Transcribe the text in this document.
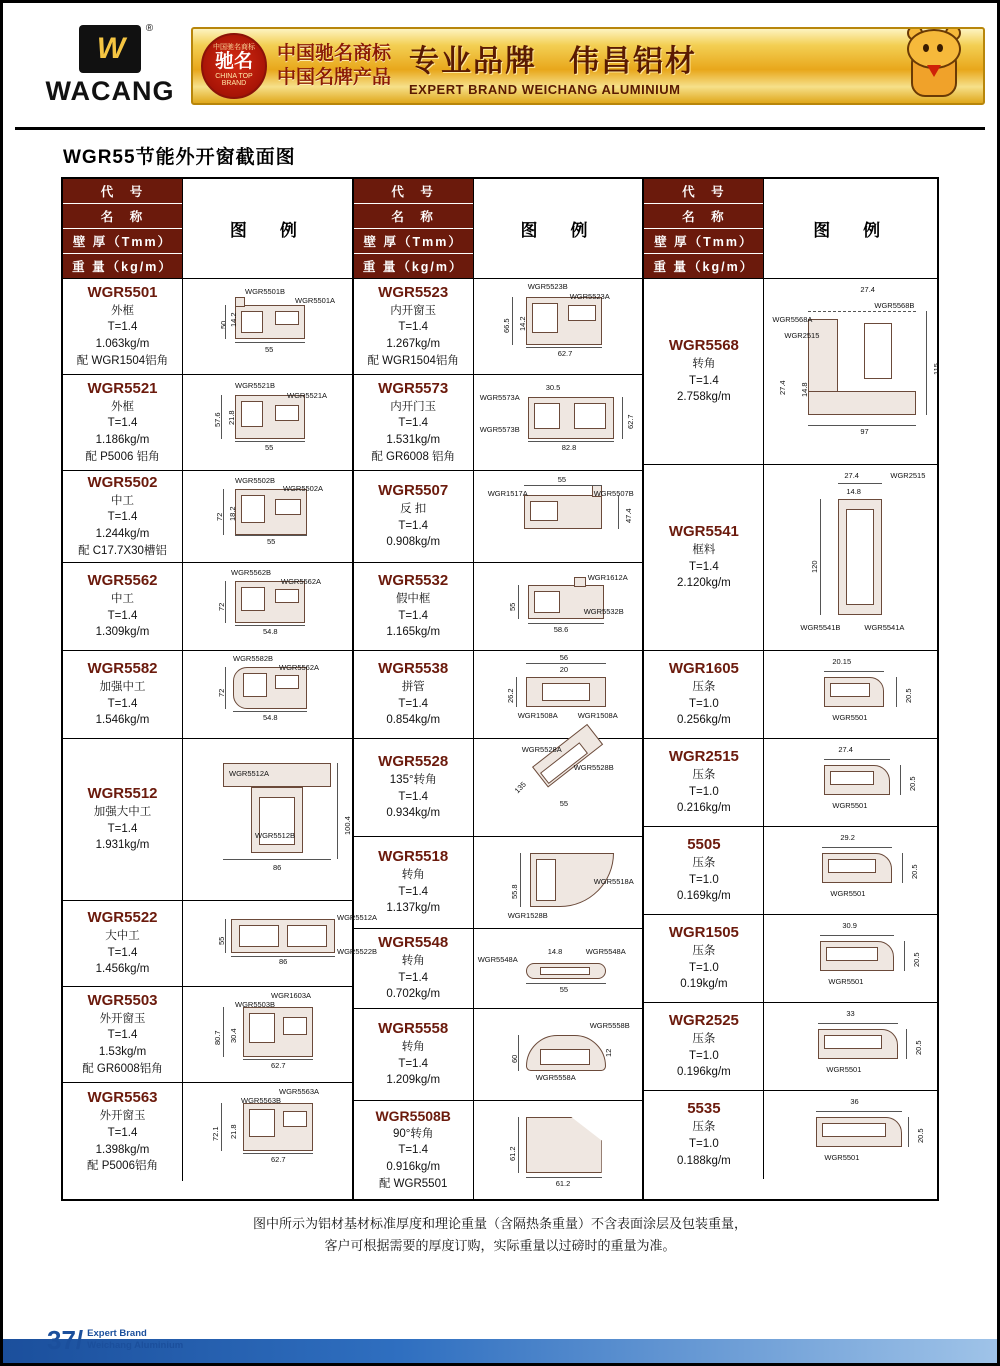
W
®
WACANG
中国驰名商标
驰名
CHINA TOP BRAND
中国驰名商标
中国名牌产品 专业品牌　伟昌铝材
EXPERT BRAND WEICHANG ALUMINIUM
WGR55节能外开窗截面图
代　号
名　称
壁 厚（Tmm）
重 量（kg/m）
图　例
WGR5501
外框
T=1.4
1.063kg/m
配 WGR1504铝角
WGR5501B
WGR5501A
50 14.2
55
WGR5521
外框
T=1.4
1.186kg/m
配 P5006 铝角
WGR5521B
WGR5521A
57.6 21.8
55
WGR5502
中工
T=1.4
1.244kg/m
配 C17.7X30槽铝
WGR5502B
WGR5502A
72 18.2
55
WGR5562
中工
T=1.4
1.309kg/m
WGR5562B
WGR5562A
72
54.8
WGR5582
加强中工
T=1.4
1.546kg/m
WGR5582B
WGR5562A
72
54.8
WGR5512
加强大中工
T=1.4
1.931kg/m
WGR5512A
WGR5512B
100.4
86
WGR5522
大中工
T=1.4
1.456kg/m
WGR5512A
WGR5522B
55
86
WGR5503
外开窗玉
T=1.4
1.53kg/m
配 GR6008铝角
WGR1603A
WGR5503B
80.7 30.4
62.7
WGR5563
外开窗玉
T=1.4
1.398kg/m
配 P5006铝角
WGR5563A
WGR5563B
72.1 21.8
62.7
代　号
名　称
壁 厚（Tmm）
重 量（kg/m）
图　例
WGR5523
内开窗玉
T=1.4
1.267kg/m
配 WGR1504铝角
WGR5523B
WGR5523A
66.5 14.2
62.7
WGR5573
内开门玉
T=1.4
1.531kg/m
配 GR6008 铝角
WGR5573A
WGR5573B
30.5
62.7
82.8
WGR5507
反 扣
T=1.4
0.908kg/m
55
WGR1517A	WGR5507B
47.4
WGR5532
假中框
T=1.4
1.165kg/m
55
WGR1612A
WGR5532B
58.6
WGR5538
拼管
T=1.4
0.854kg/m
56
20
26.2
WGR1508A	WGR1508A
WGR5528
135°转角
T=1.4
0.934kg/m
WGR5528A
WGR5528B
135
55
WGR5518
转角
T=1.4
1.137kg/m
55.8
WGR5518A
WGR1528B
WGR5548
转角
T=1.4
0.702kg/m
WGR5548A
WGR5548A
14.8
55
WGR5558
转角
T=1.4
1.209kg/m
WGR5558B
WGR5558A
60
12
WGR5508B
90°转角
T=1.4
0.916kg/m
配 WGR5501
61.2
61.2
代　号
名　称
壁 厚（Tmm）
重 量（kg/m）
图　例
WGR5568
转角
T=1.4
2.758kg/m
27.4
WGR5568A
WGR5568B
WGR2515
115
27.4 14.8
97
WGR5541
框料
T=1.4
2.120kg/m
27.4	WGR2515
14.8
120
WGR5541B	WGR5541A
WGR1605
压条
T=1.0
0.256kg/m
20.15
20.5
WGR5501
WGR2515
压条
T=1.0
0.216kg/m
27.4
20.5
WGR5501
5505
压条
T=1.0
0.169kg/m
29.2
20.5
WGR5501
WGR1505
压条
T=1.0
0.19kg/m
30.9
20.5
WGR5501
WGR2525
压条
T=1.0
0.196kg/m
33
20.5
WGR5501
5535
压条
T=1.0
0.188kg/m
36
20.5
WGR5501
图中所示为铝材基材标准厚度和理论重量（含隔热条重量）不含表面涂层及包装重量，
客户可根据需要的厚度订购，实际重量以过磅时的重量为准。
37/ Expert Brand
Weichang Aluminium
